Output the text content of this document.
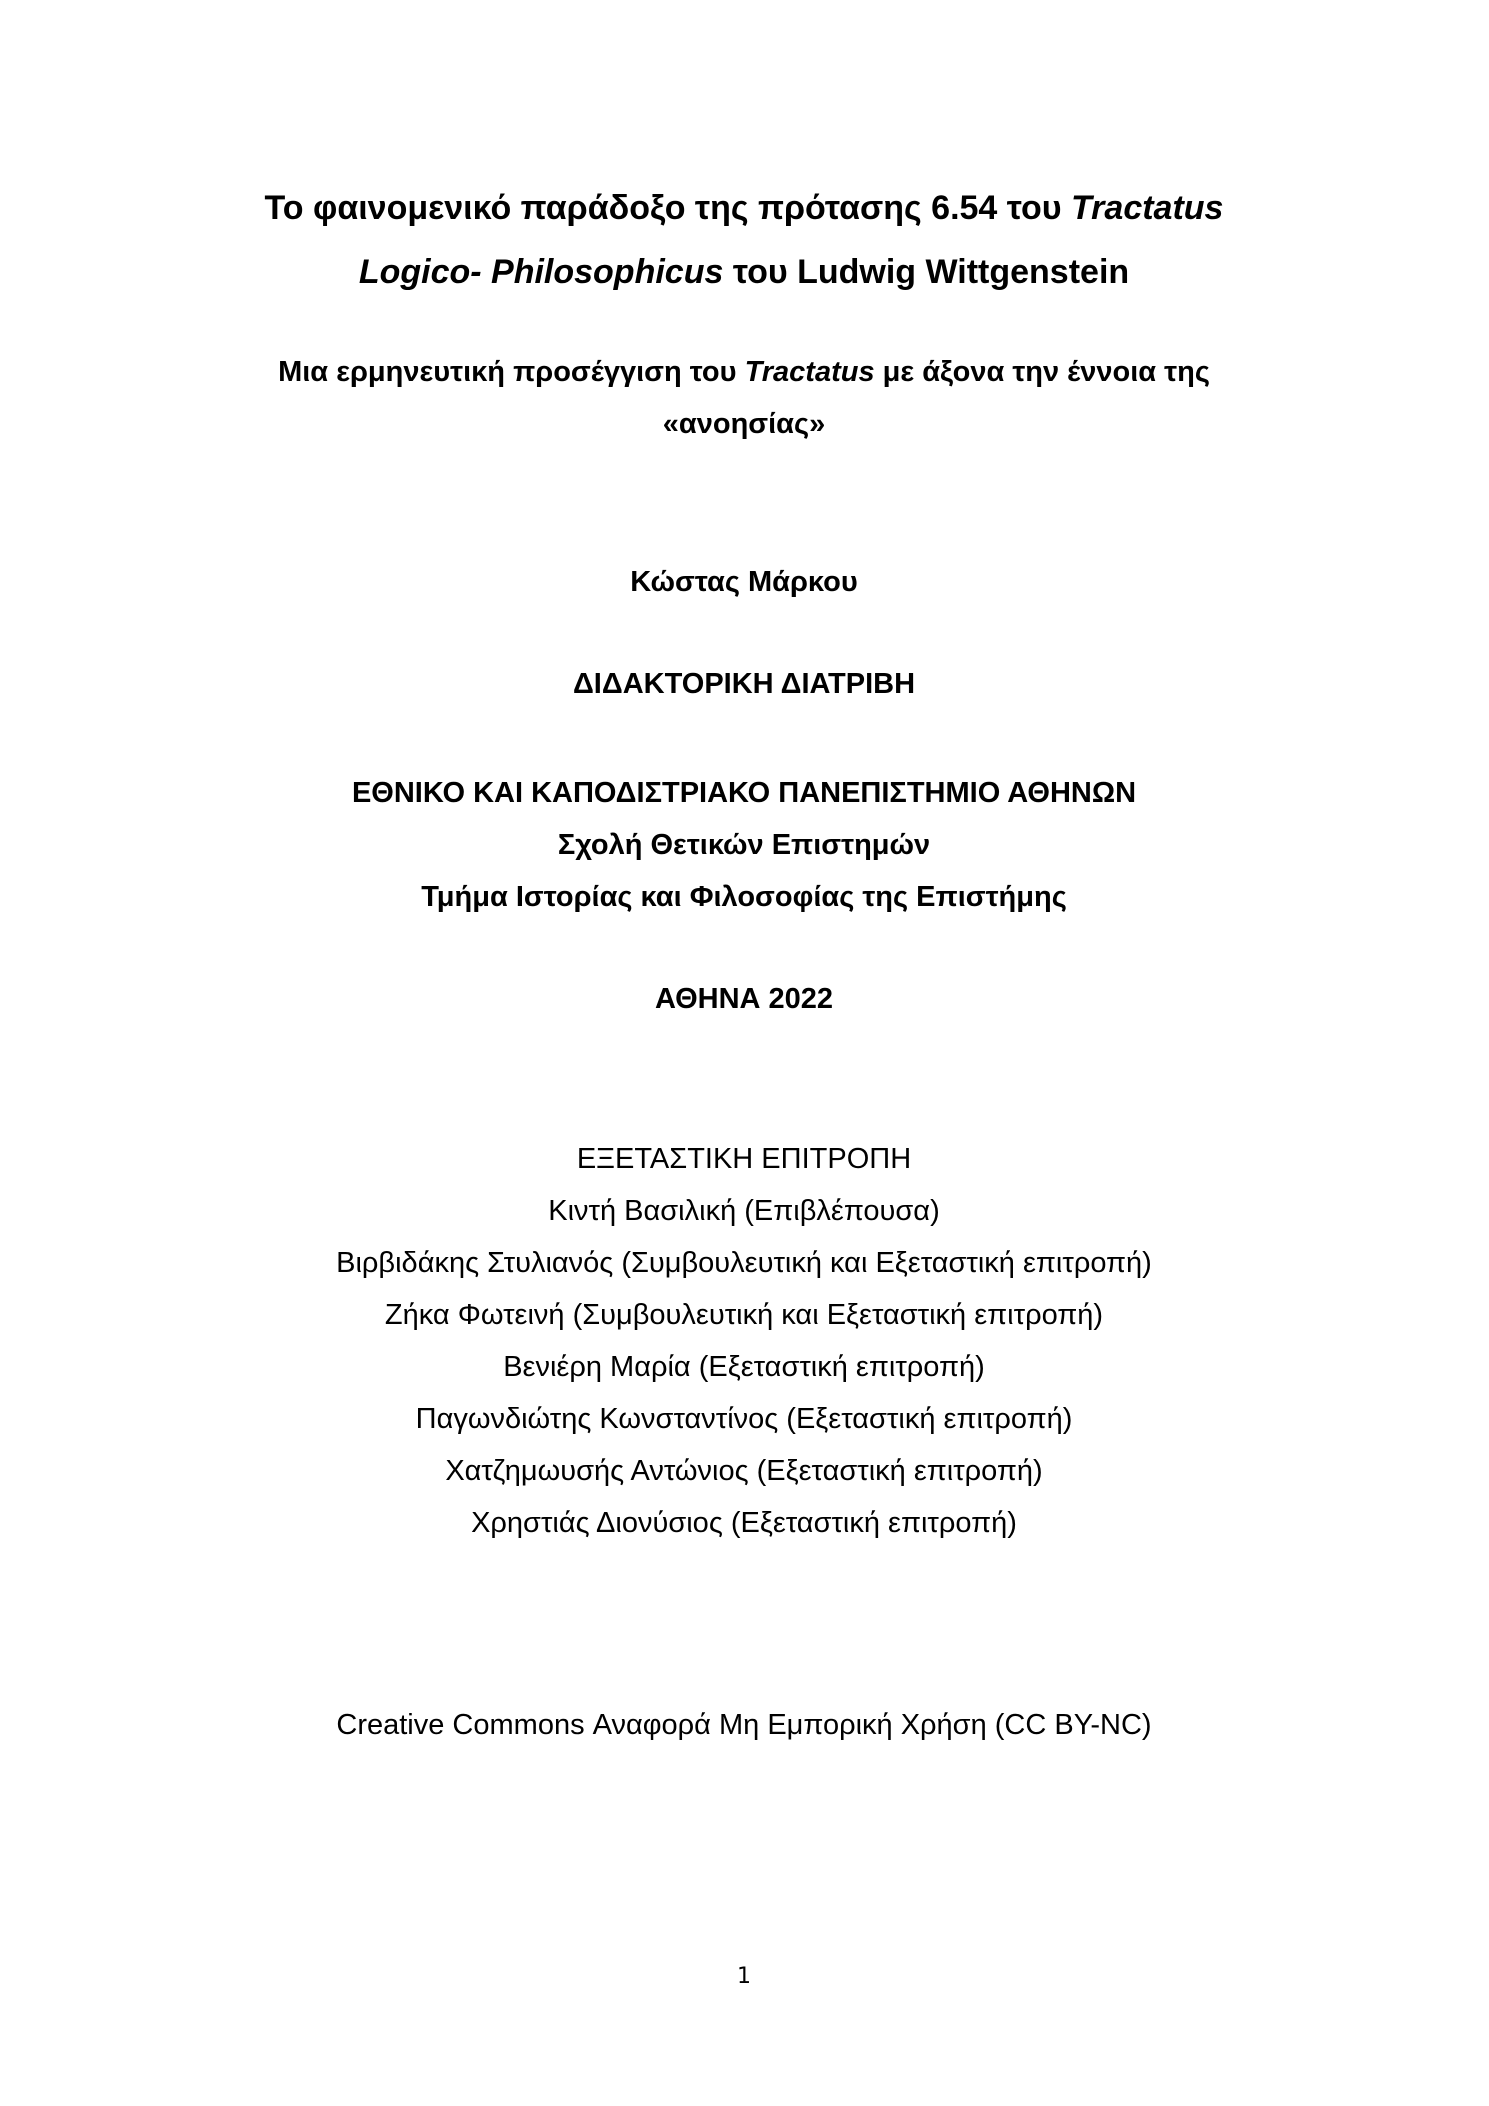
Το φαινομενικό παράδοξο της πρότασης 6.54 του Tractatus
Logico- Philosophicus του Ludwig Wittgenstein
Μια ερμηνευτική προσέγγιση του Tractatus με άξονα την έννοια της
«ανοησίας»
Κώστας Μάρκου
ΔΙΔΑΚΤΟΡΙΚΗ ΔΙΑΤΡΙΒΗ
ΕΘΝΙΚΟ ΚΑΙ ΚΑΠΟΔΙΣΤΡΙΑΚΟ ΠΑΝΕΠΙΣΤΗΜΙΟ ΑΘΗΝΩΝ
Σχολή Θετικών Επιστημών
Τμήμα Ιστορίας και Φιλοσοφίας της Επιστήμης
ΑΘΗΝΑ 2022
ΕΞΕΤΑΣΤΙΚΗ ΕΠΙΤΡΟΠΗ
Κιντή Βασιλική (Επιβλέπουσα)
Βιρβιδάκης Στυλιανός (Συμβουλευτική και Εξεταστική επιτροπή)
Ζήκα Φωτεινή (Συμβουλευτική και Εξεταστική επιτροπή)
Βενιέρη Μαρία (Εξεταστική επιτροπή)
Παγωνδιώτης Κωνσταντίνος (Εξεταστική επιτροπή)
Χατζημωυσής Αντώνιος (Εξεταστική επιτροπή)
Χρηστιάς Διονύσιος (Εξεταστική επιτροπή)
Creative Commons Αναφορά Μη Εμπορική Χρήση (CC BY-NC)
1
